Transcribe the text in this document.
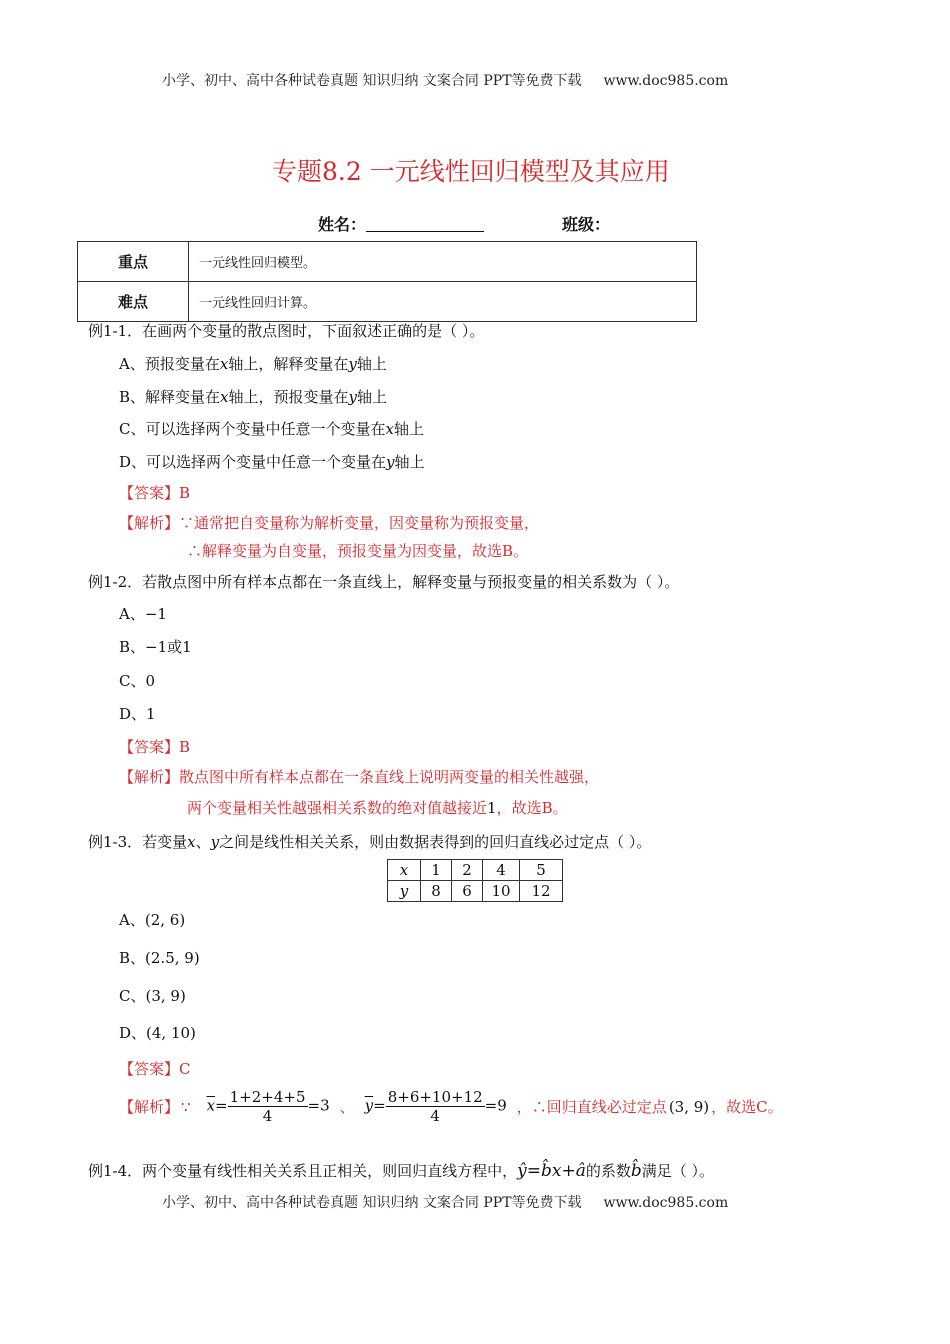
小学、初中、高中各种试卷真题 知识归纳 文案合同 PPT等免费下载 www.doc985.com
专题8.2 一元线性回归模型及其应用
姓名：	班级：
重点	一元线性回归模型。
难点	一元线性回归计算。
例1-1．在画两个变量的散点图时，下面叙述正确的是（ ）。
A、预报变量在x轴上，解释变量在y轴上
B、解释变量在x轴上，预报变量在y轴上
C、可以选择两个变量中任意一个变量在x轴上
D、可以选择两个变量中任意一个变量在y轴上
【答案】B
【解析】∵通常把自变量称为解析变量，因变量称为预报变量，
∴解释变量为自变量，预报变量为因变量，故选B。
例1-2．若散点图中所有样本点都在一条直线上，解释变量与预报变量的相关系数为（ ）。
A、−1
B、−1或1
C、0
D、1
【答案】B
【解析】散点图中所有样本点都在一条直线上说明两变量的相关性越强，
两个变量相关性越强相关系数的绝对值越接近1，故选B。
例1-3．若变量x、y之间是线性相关关系，则由数据表得到的回归直线必过定点（ ）。
x	1	2	4	5
y	8	6	10	12
A、(2, 6)
B、(2.5, 9)
C、(3, 9)
D、(4, 10)
【答案】C
【解析】 ∵ $\overline{x}= \frac{1+2+4+5}{4} =3$ 、 $\overline{y}= \frac{8+6+10+12}{4} =9$ ，∴回归直线必过定点 (3, 9) ，故选C。
例1-4．两个变量有线性相关关系且正相关，则回归直线方程中，ŷ=b̂x+â的系数b̂满足（ ）。
小学、初中、高中各种试卷真题 知识归纳 文案合同 PPT等免费下载 www.doc985.com
